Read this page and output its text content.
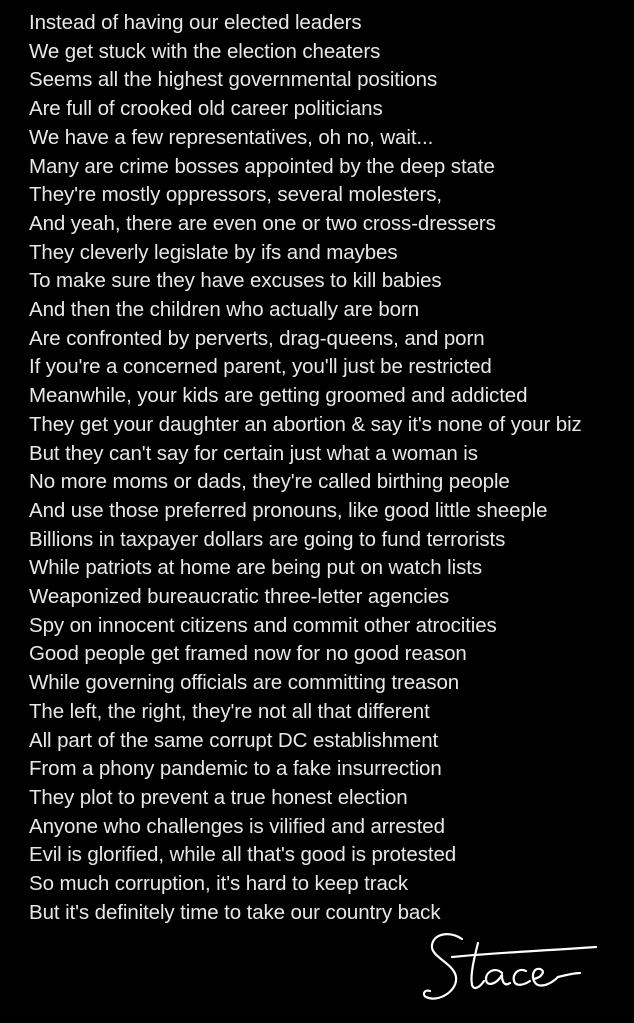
Instead of having our elected leaders
We get stuck with the election cheaters
Seems all the highest governmental positions
Are full of crooked old career politicians
We have a few representatives, oh no, wait...
Many are crime bosses appointed by the deep state
They're mostly oppressors, several molesters,
And yeah, there are even one or two cross-dressers
They cleverly legislate by ifs and maybes
To make sure they have excuses to kill babies
And then the children who actually are born
Are confronted by perverts, drag-queens, and porn
If you're a concerned parent, you'll just be restricted
Meanwhile, your kids are getting groomed and addicted
They get your daughter an abortion & say it's none of your biz
But they can't say for certain just what a woman is
No more moms or dads, they're called birthing people
And use those preferred pronouns, like good little sheeple
Billions in taxpayer dollars are going to fund terrorists
While patriots at home are being put on watch lists
Weaponized bureaucratic three-letter agencies
Spy on innocent citizens and commit other atrocities
Good people get framed now for no good reason
While governing officials are committing treason
The left, the right, they're not all that different
All part of the same corrupt DC establishment
From a phony pandemic to a fake insurrection
They plot to prevent a true honest election
Anyone who challenges is vilified and arrested
Evil is glorified, while all that's good is protested
So much corruption, it's hard to keep track
But it's definitely time to take our country back
